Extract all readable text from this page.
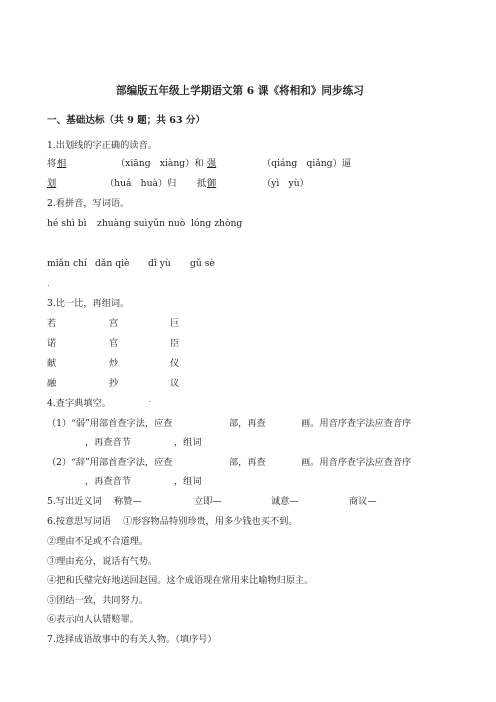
部编版五年级上学期语文第 6 课《将相和》同步练习
一、基础达标（共 9 题；共 63 分）
1.出划线的字正确的读音。
将 相	（xiāng　xiàng）和 强	（qiáng　qiǎng）逼
划	（huá　huà）归 抵 御	（yì　yù）
2.看拼音，写词语。
hé shì bì zhuàng suì yǔn nuò lóng zhòng
miǎn chí dǎn qiè dǐ yù gǔ sè
3.比一比，再组词。
若	宫	巨
诺	官	臣
献	炒	仪
融	抄	议
4.查字典填空。
（1）“弱”用部首查字法，应查	部，再查	画。用音序查字法应查音序
，再查音节	，组词
（2）“辞”用部首查字法，应查	部，再查	画。用音序查字法应查音序
，再查音节	，组词
5.写出近义词 称赞—	立即—	诚意—	商议—
6.按意思写词语 ①形容物品特别珍贵，用多少钱也买不到。
②理由不足或不合道理。
③理由充分，说话有气势。
④把和氏璧完好地送回赵国。这个成语现在常用来比喻物归原主。
⑤团结一致，共同努力。
⑥表示向人认错赔罪。
7.选择成语故事中的有关人物。（填序号）
